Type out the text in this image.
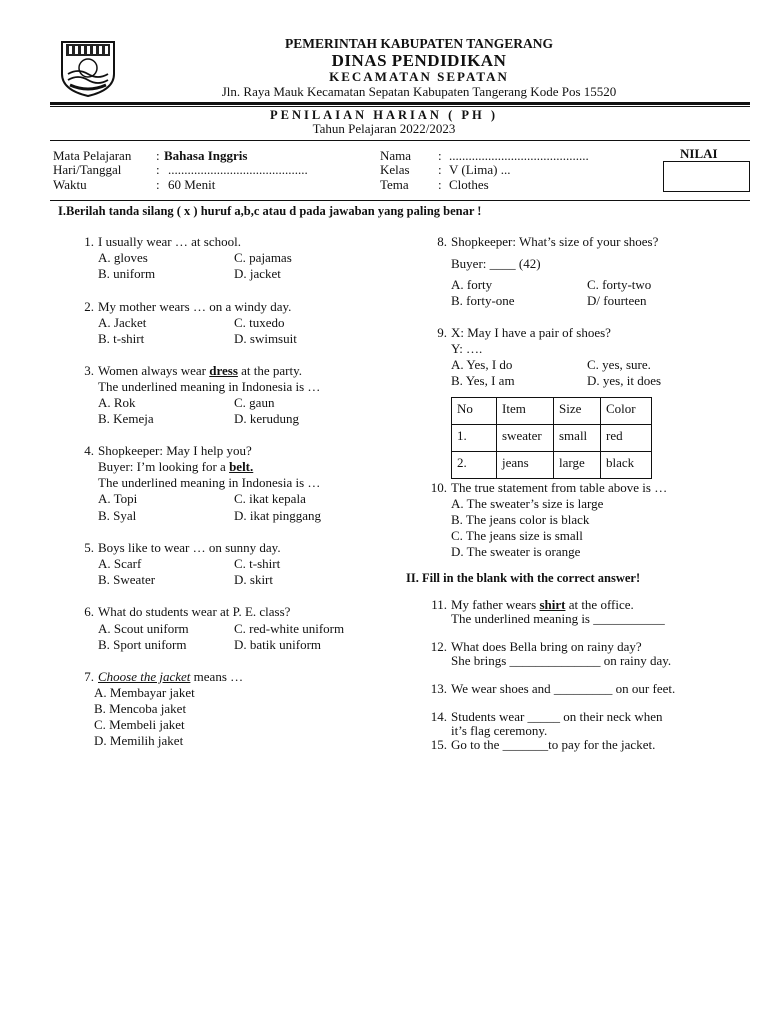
PEMERINTAH KABUPATEN TANGERANG
DINAS PENDIDIKAN
KECAMATAN SEPATAN
Jln. Raya Mauk Kecamatan Sepatan Kabupaten Tangerang Kode Pos 15520
PENILAIAN HARIAN ( PH )
Tahun Pelajaran 2022/2023
Mata Pelajaran : Bahasa Inggris
Hari/Tanggal	: ...........................................
Waktu	: 60 Menit
Nama : ...........................................
Kelas : V (Lima) ...
Tema : Clothes
NILAI
I.Berilah tanda silang ( x ) huruf a,b,c atau d pada jawaban yang paling benar !
1. I usually wear … at school.
A. gloves	C. pajamas
B. uniform	D. jacket
2. My mother wears … on a windy day.
A. Jacket	C. tuxedo
B. t-shirt	D. swimsuit
3. Women always wear dress at the party.
The underlined meaning in Indonesia is …
A. Rok	C. gaun
B. Kemeja	D. kerudung
4. Shopkeeper: May I help you?
Buyer: I’m looking for a belt.
The underlined meaning in Indonesia is …
A. Topi	C. ikat kepala
B. Syal	D. ikat pinggang
5. Boys like to wear … on sunny day.
A. Scarf	C. t-shirt
B. Sweater	D. skirt
6. What do students wear at P. E. class?
A. Scout uniform	C. red-white uniform
B. Sport uniform	D. batik uniform
7. Choose the jacket means …
A. Membayar jaket
B. Mencoba jaket
C. Membeli jaket
D. Memilih jaket
8. Shopkeeper: What’s size of your shoes?
Buyer: ____ (42)
A. forty	C. forty-two
B. forty-one	D/ fourteen
9. X: May I have a pair of shoes?
Y: ….
A. Yes, I do	C. yes, sure.
B. Yes, I am	D. yes, it does
No	Item	Size	Color
1.	sweater	small	red
2.	jeans	large	black
10. The true statement from table above is …
A. The sweater’s size is large
B. The jeans color is black
C. The jeans size is small
D. The sweater is orange
II. Fill in the blank with the correct answer!
11. My father wears shirt at the office.
The underlined meaning is ___________
12. What does Bella bring on rainy day?
She brings ______________ on rainy day.
13. We wear shoes and _________ on our feet.
14. Students wear _____ on their neck when
it’s flag ceremony.
15. Go to the _______to pay for the jacket.
